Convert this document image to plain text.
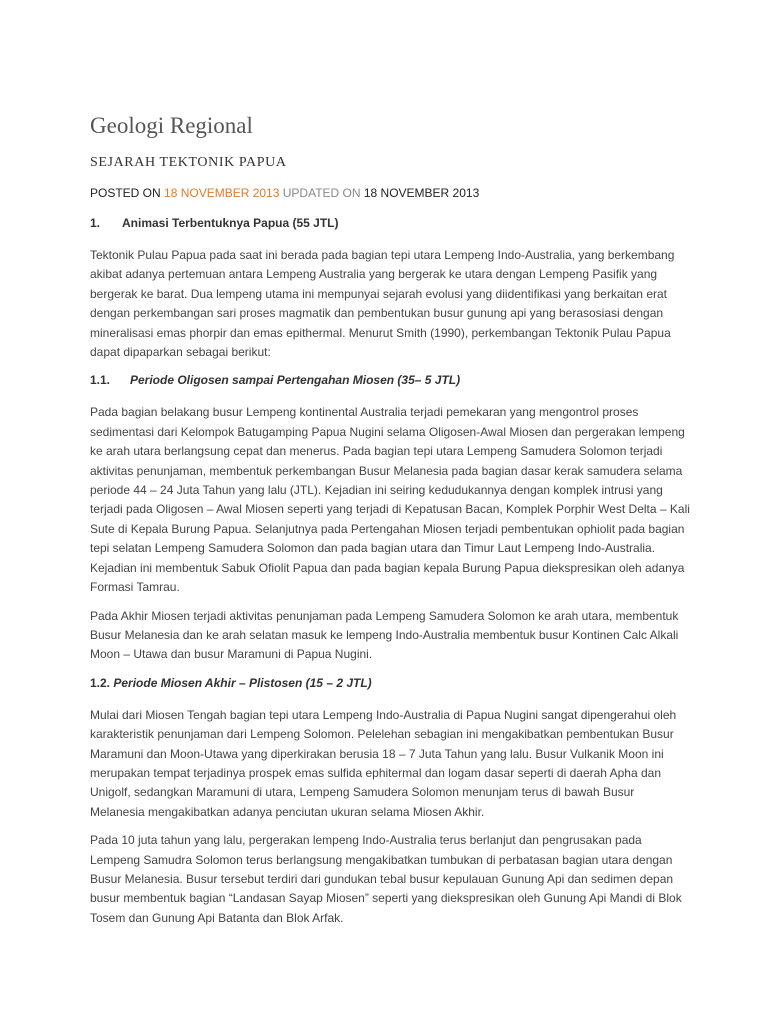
Geologi Regional
SEJARAH TEKTONIK PAPUA
POSTED ON 18 NOVEMBER 2013 UPDATED ON 18 NOVEMBER 2013
1. Animasi Terbentuknya Papua (55 JTL)

Tektonik Pulau Papua pada saat ini berada pada bagian tepi utara Lempeng Indo-Australia, yang berkembang akibat adanya pertemuan antara Lempeng Australia yang bergerak ke utara dengan Lempeng Pasifik yang bergerak ke barat. Dua lempeng utama ini mempunyai sejarah evolusi yang diidentifikasi yang berkaitan erat dengan perkembangan sari proses magmatik dan pembentukan busur gunung api yang berasosiasi dengan mineralisasi emas phorpir dan emas epithermal. Menurut Smith (1990), perkembangan Tektonik Pulau Papua dapat dipaparkan sebagai berikut:

1.1. Periode Oligosen sampai Pertengahan Miosen (35– 5 JTL)

Pada bagian belakang busur Lempeng kontinental Australia terjadi pemekaran yang mengontrol proses sedimentasi dari Kelompok Batugamping Papua Nugini selama Oligosen-Awal Miosen dan pergerakan lempeng ke arah utara berlangsung cepat dan menerus. Pada bagian tepi utara Lempeng Samudera Solomon terjadi aktivitas penunjaman, membentuk perkembangan Busur Melanesia pada bagian dasar kerak samudera selama periode 44 – 24 Juta Tahun yang lalu (JTL). Kejadian ini seiring kedudukannya dengan komplek intrusi yang terjadi pada Oligosen – Awal Miosen seperti yang terjadi di Kepatusan Bacan, Komplek Porphir West Delta – Kali Sute di Kepala Burung Papua. Selanjutnya pada Pertengahan Miosen terjadi pembentukan ophiolit pada bagian tepi selatan Lempeng Samudera Solomon dan pada bagian utara dan Timur Laut Lempeng Indo-Australia. Kejadian ini membentuk Sabuk Ofiolit Papua dan pada bagian kepala Burung Papua diekspresikan oleh adanya Formasi Tamrau.

Pada Akhir Miosen terjadi aktivitas penunjaman pada Lempeng Samudera Solomon ke arah utara, membentuk Busur Melanesia dan ke arah selatan masuk ke lempeng Indo-Australia membentuk busur Kontinen Calc Alkali Moon – Utawa dan busur Maramuni di Papua Nugini.

1.2. Periode Miosen Akhir – Plistosen (15 – 2 JTL)

Mulai dari Miosen Tengah bagian tepi utara Lempeng Indo-Australia di Papua Nugini sangat dipengerahui oleh karakteristik penunjaman dari Lempeng Solomon. Pelelehan sebagian ini mengakibatkan pembentukan Busur Maramuni dan Moon-Utawa yang diperkirakan berusia 18 – 7 Juta Tahun yang lalu. Busur Vulkanik Moon ini merupakan tempat terjadinya prospek emas sulfida ephitermal dan logam dasar seperti di daerah Apha dan Unigolf, sedangkan Maramuni di utara, Lempeng Samudera Solomon menunjam terus di bawah Busur Melanesia mengakibatkan adanya penciutan ukuran selama Miosen Akhir.

Pada 10 juta tahun yang lalu, pergerakan lempeng Indo-Australia terus berlanjut dan pengrusakan pada Lempeng Samudra Solomon terus berlangsung mengakibatkan tumbukan di perbatasan bagian utara dengan Busur Melanesia. Busur tersebut terdiri dari gundukan tebal busur kepulauan Gunung Api dan sedimen depan busur membentuk bagian “Landasan Sayap Miosen” seperti yang diekspresikan oleh Gunung Api Mandi di Blok Tosem dan Gunung Api Batanta dan Blok Arfak.
